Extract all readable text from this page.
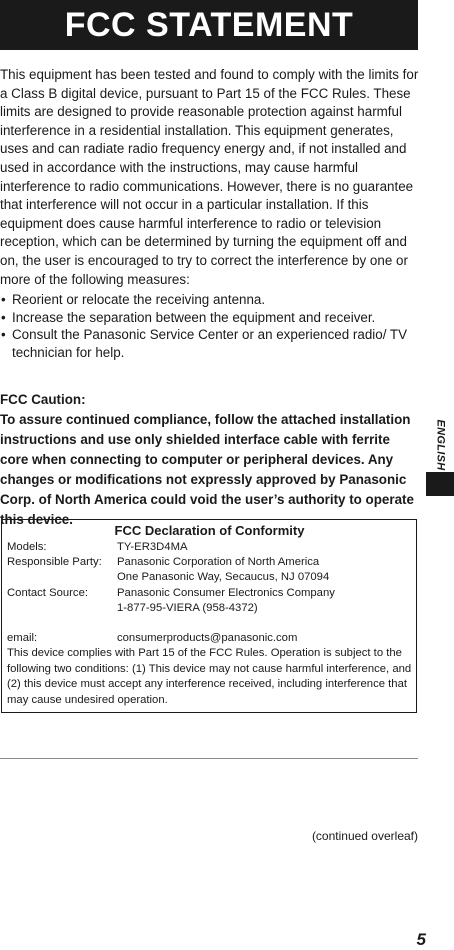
FCC STATEMENT

This equipment has been tested and found to comply with the limits for a Class B digital device, pursuant to Part 15 of the FCC Rules. These limits are designed to provide reasonable protection against harmful interference in a residential installation. This equipment generates, uses and can radiate radio frequency energy and, if not installed and used in accordance with the instructions, may cause harmful interference to radio communications. However, there is no guarantee that interference will not occur in a particular installation. If this equipment does cause harmful interference to radio or television reception, which can be determined by turning the equipment off and on, the user is encouraged to try to correct the interference by one or more of the following measures:

• Reorient or relocate the receiving antenna.
• Increase the separation between the equipment and receiver.
• Consult the Panasonic Service Center or an experienced radio/ TV technician for help.
FCC Caution:
To assure continued compliance, follow the attached installation instructions and use only shielded interface cable with ferrite core when connecting to computer or peripheral devices. Any changes or modifications not expressly approved by Panasonic Corp. of North America could void the user’s authority to operate this device.
FCC Declaration of Conformity
Models:	TY-ER3D4MA
Responsible Party:	Panasonic Corporation of North America
One Panasonic Way, Secaucus, NJ 07094
Contact Source:	Panasonic Consumer Electronics Company
1-877-95-VIERA (958-4372)
email:	consumerproducts@panasonic.com
This device complies with Part 15 of the FCC Rules. Operation is subject to the following two conditions: (1) This device may not cause harmful interference, and (2) this device must accept any interference received, including interference that may cause undesired operation.
(continued overleaf)
ENGLISH
5
